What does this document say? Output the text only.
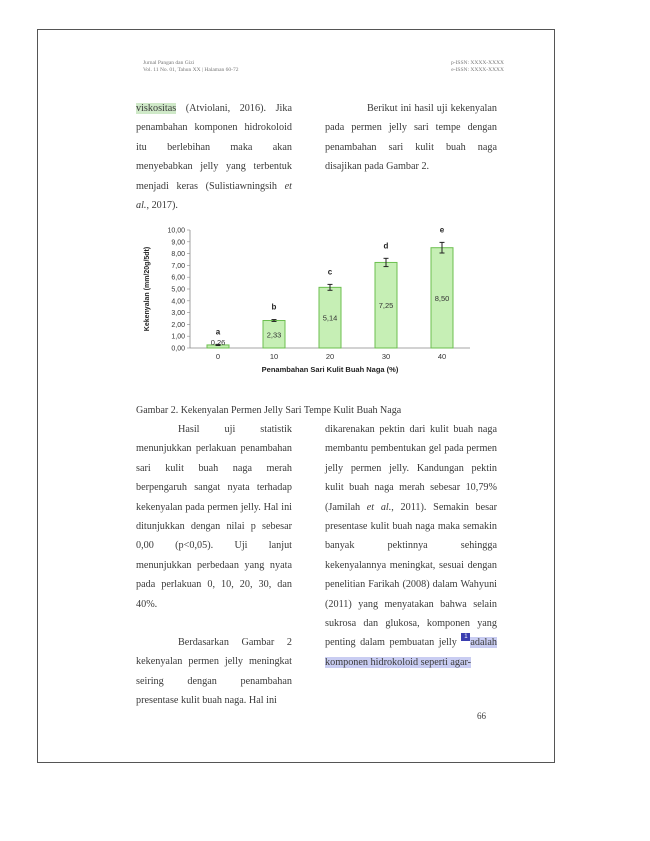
Jurnal Pangan dan Gizi
Vol. 11 No. 01, Tahun XX | Halaman 60-72
p-ISSN: XXXX-XXXX
e-ISSN: XXXX-XXXX

viskositas (Atviolani, 2016). Jika penambahan komponen hidrokoloid itu berlebihan maka akan menyebabkan jelly yang terbentuk menjadi keras (Sulistiawningsih et al., 2017).

Berikut ini hasil uji kekenyalan pada permen jelly sari tempe dengan penambahan sari kulit buah naga disajikan pada Gambar 2.

0,00
1,00
2,00
3,00
4,00
5,00
6,00
7,00
8,00
9,00
10,00
0,26
a
0
2,33
b
10
5,14
c
20
7,25
d
30
8,50
e
40
Penambahan Sari Kulit Buah Naga (%)
Kekenyalan (mm/20g/5dt)
Gambar 2. Kekenyalan Permen Jelly Sari Tempe Kulit Buah Naga

Hasil uji statistik menunjukkan perlakuan penambahan sari kulit buah naga merah berpengaruh sangat nyata terhadap kekenyalan pada permen jelly. Hal ini ditunjukkan dengan nilai p sebesar 0,00 (p<0,05). Uji lanjut menunjukkan perbedaan yang nyata pada perlakuan 0, 10, 20, 30, dan 40%.

Berdasarkan Gambar 2 kekenyalan permen jelly meningkat seiring dengan penambahan presentase kulit buah naga. Hal ini

dikarenakan pektin dari kulit buah naga membantu pembentukan gel pada permen jelly permen jelly. Kandungan pektin kulit buah naga merah sebesar 10,79% (Jamilah et al., 2011). Semakin besar presentase kulit buah naga maka semakin banyak pektinnya sehingga kekenyalannya meningkat, sesuai dengan penelitian Farikah (2008) dalam Wahyuni (2011) yang menyatakan bahwa selain sukrosa dan glukosa, komponen yang penting dalam pembuatan jelly 1 adalah komponen hidrokoloid seperti agar-

66
